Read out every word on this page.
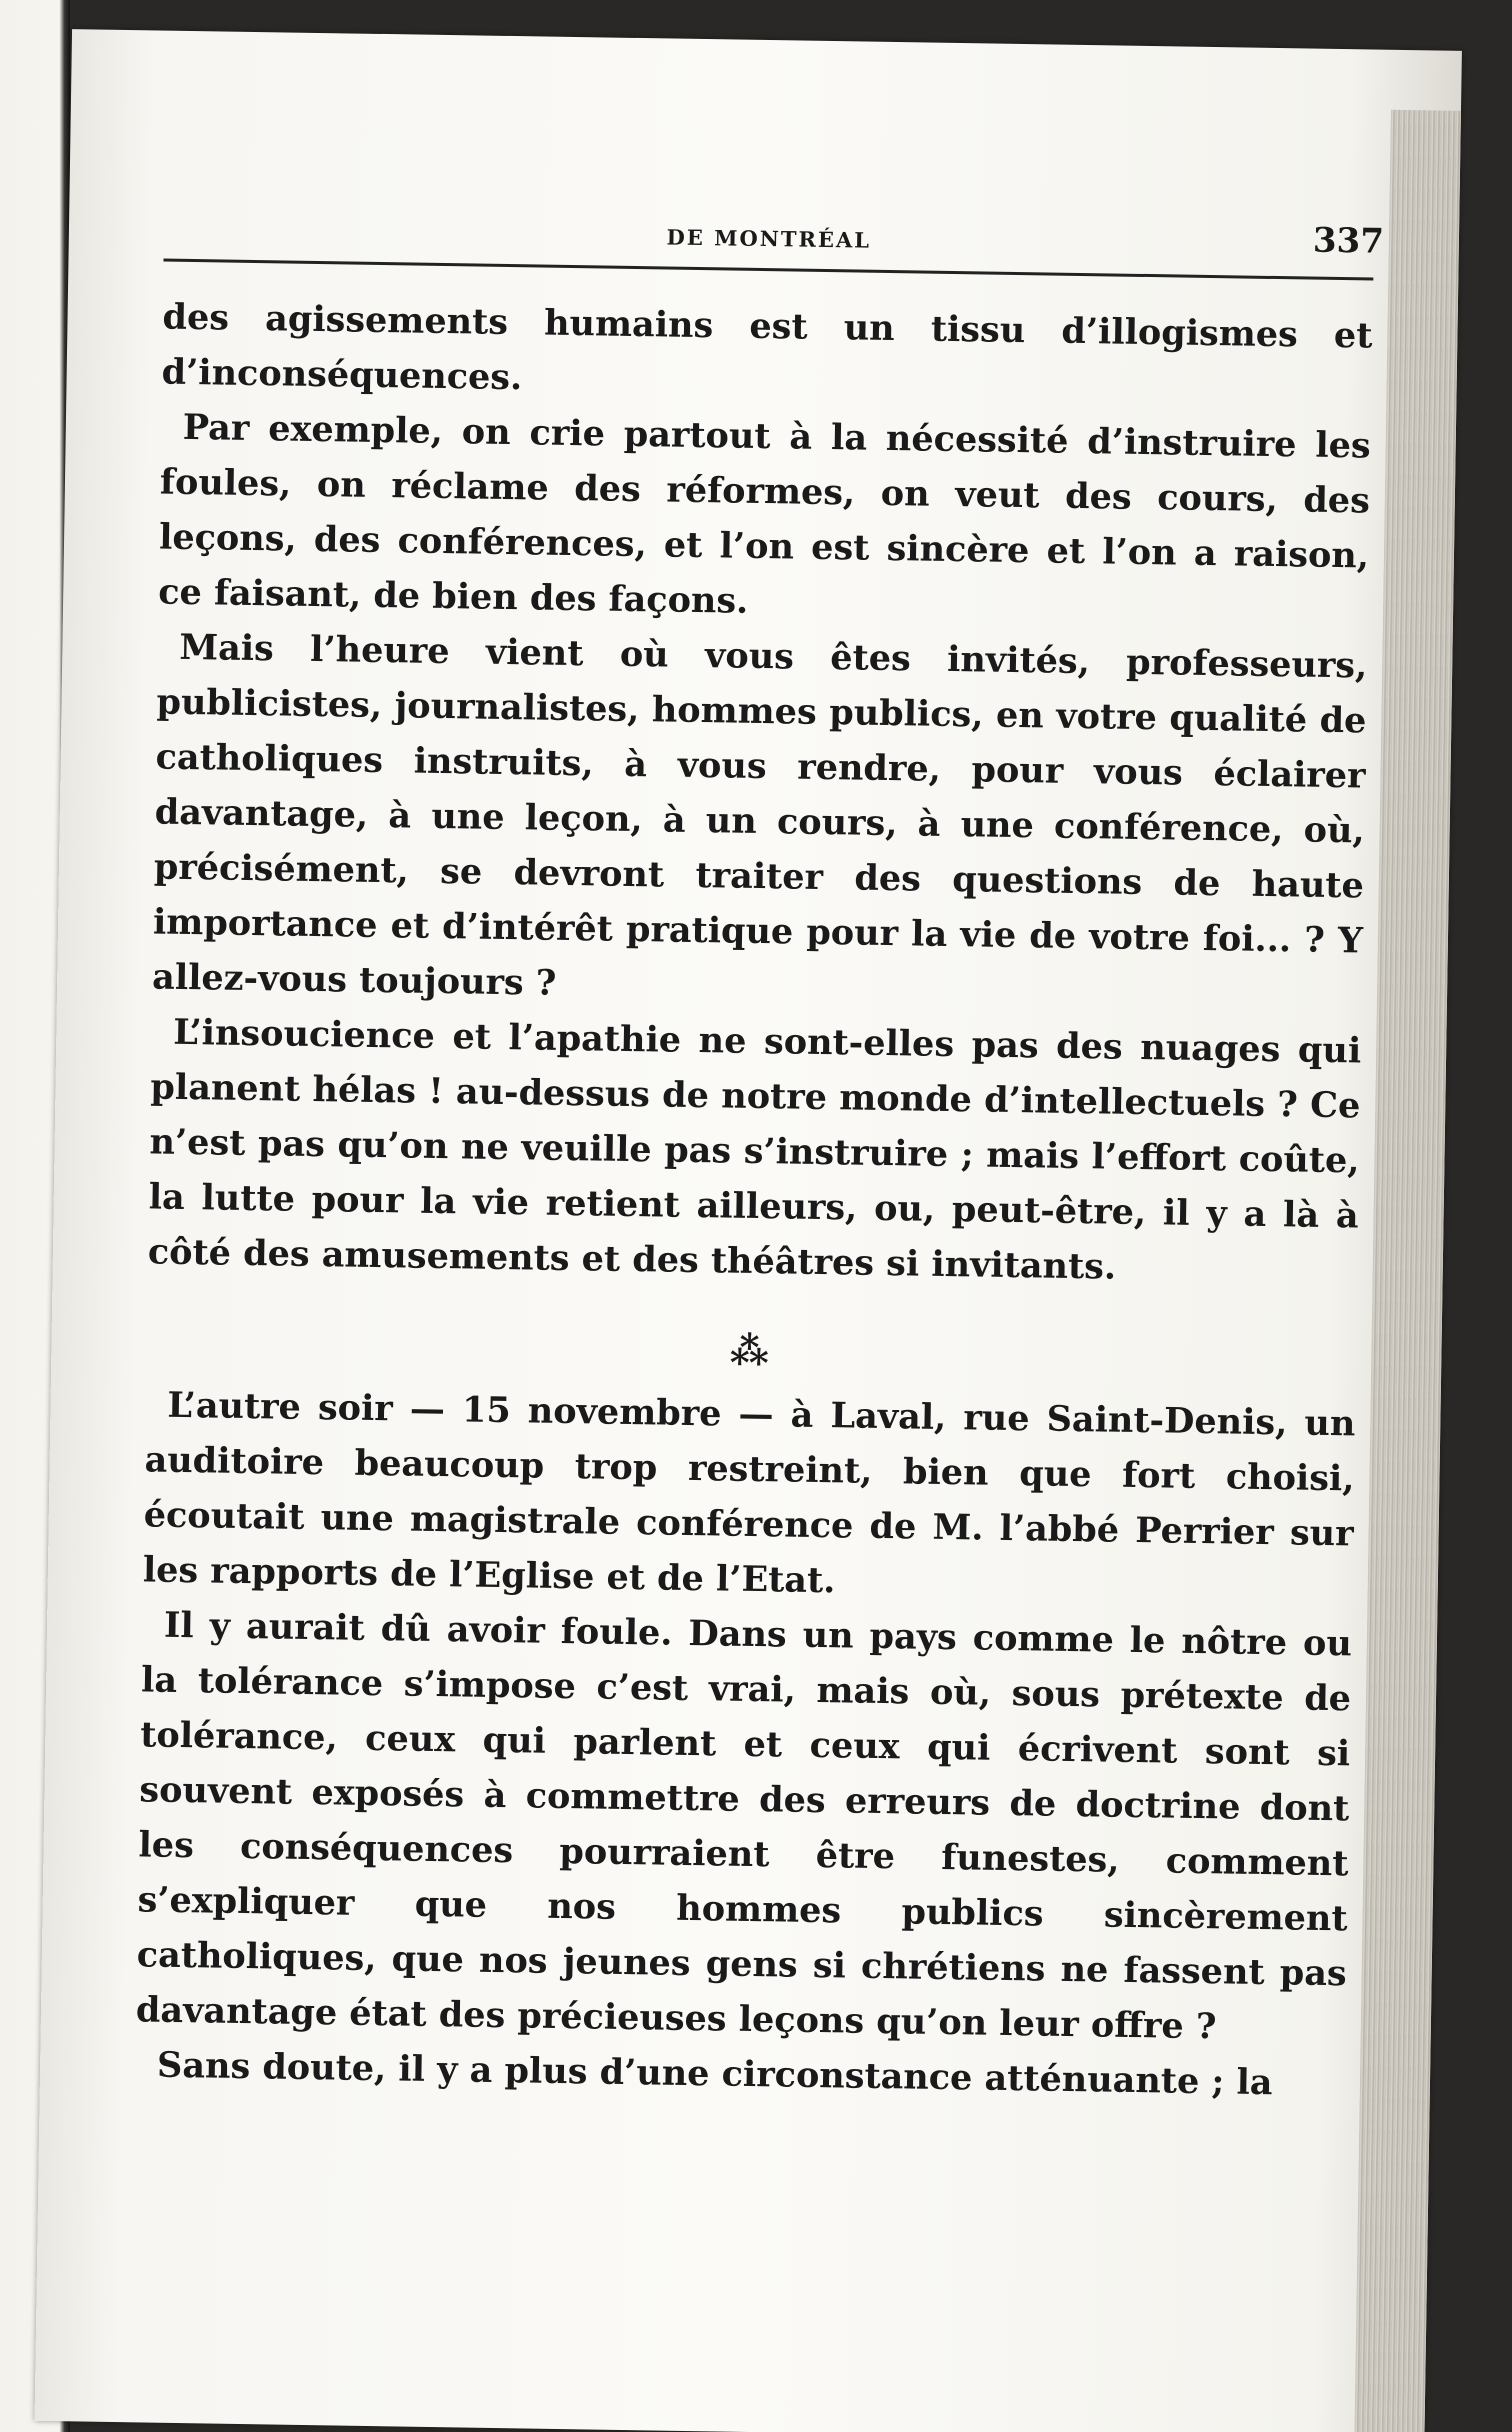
DE MONTRÉAL	337

des agissements humains est un tissu d’illogismes et d’inconséquences.

Par exemple, on crie partout à la nécessité d’instruire les foules, on réclame des réformes, on veut des cours, des leçons, des conférences, et l’on est sincère et l’on a raison, ce faisant, de bien des façons.

Mais l’heure vient où vous êtes invités, professeurs, publicistes, journalistes, hommes publics, en votre qualité de catholiques instruits, à vous rendre, pour vous éclairer davantage, à une leçon, à un cours, à une conférence, où, précisément, se devront traiter des questions de haute importance et d’intérêt pratique pour la vie de votre foi... ? Y allez-vous toujours ?

L’insoucience et l’apathie ne sont-elles pas des nuages qui planent hélas ! au-dessus de notre monde d’intellectuels ? Ce n’est pas qu’on ne veuille pas s’instruire ; mais l’effort coûte, la lutte pour la vie retient ailleurs, ou, peut-être, il y a là à côté des amusements et des théâtres si invitants.

⁂

L’autre soir — 15 novembre — à Laval, rue Saint-Denis, un auditoire beaucoup trop restreint, bien que fort choisi, écoutait une magistrale conférence de M. l’abbé Perrier sur les rapports de l’Eglise et de l’Etat.

Il y aurait dû avoir foule. Dans un pays comme le nôtre ou la tolérance s’impose c’est vrai, mais où, sous prétexte de tolérance, ceux qui parlent et ceux qui écrivent sont si souvent exposés à commettre des erreurs de doctrine dont les conséquences pourraient être funestes, comment s’expliquer que nos hommes publics sincèrement catholiques, que nos jeunes gens si chrétiens ne fassent pas davantage état des précieuses leçons qu’on leur offre ?

Sans doute, il y a plus d’une circonstance atténuante ; la
